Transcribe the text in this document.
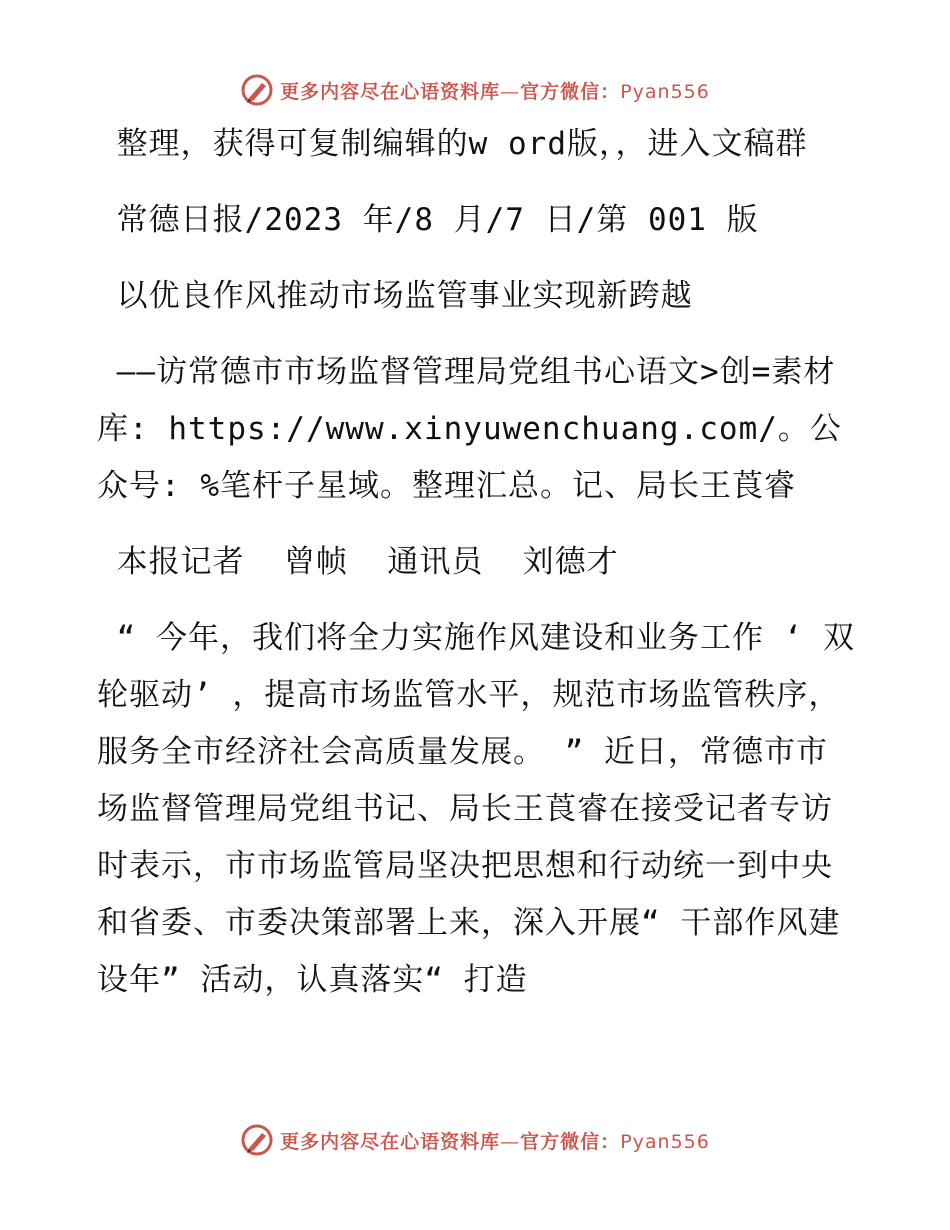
更多内容尽在心语资料库—官方微信：Pyan556

整理，获得可复制编辑的w ord版，，进入文稿群

常德日报/2023 年/8 月/7 日/第 001 版

以优良作风推动市场监管事业实现新跨越

——访常德市市场监督管理局党组书心语文>创=素材库: https://www.xinyuwenchuang.com/。公众号: %笔杆子星域。整理汇总。记、局长王莨睿

本报记者  曾帧  通讯员  刘德才

“ 今年，我们将全力实施作风建设和业务工作 ‘ 双轮驱动’ ，提高市场监管水平，规范市场监管秩序，服务全市经济社会高质量发展。 ” 近日，常德市市场监督管理局党组书记、局长王莨睿在接受记者专访时表示，市市场监管局坚决把思想和行动统一到中央和省委、市委决策部署上来，深入开展“ 干部作风建设年” 活动，认真落实“ 打造

更多内容尽在心语资料库—官方微信：Pyan556
